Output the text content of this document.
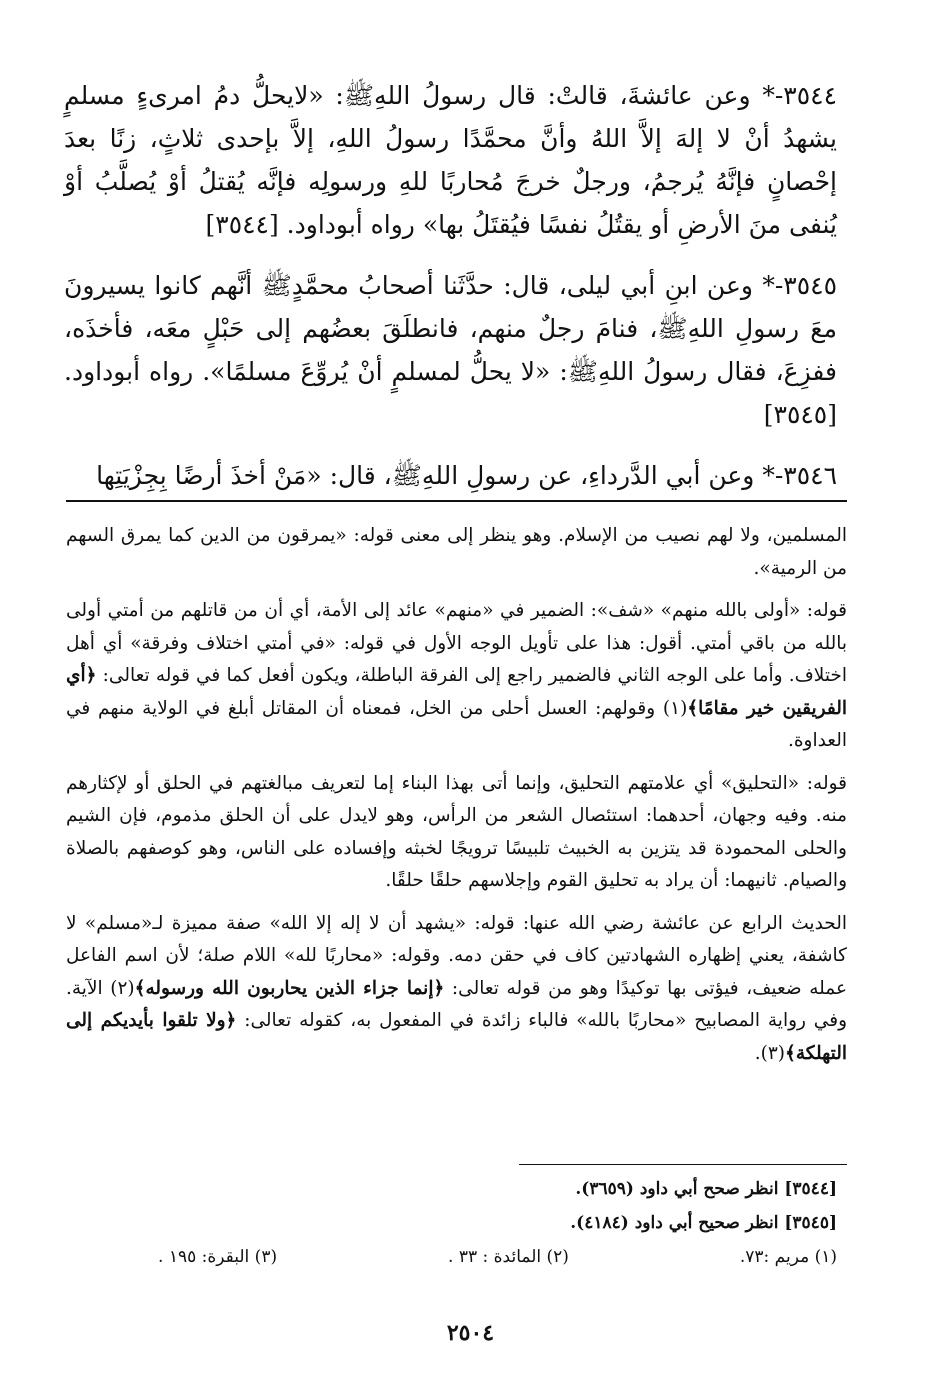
٣٥٤٤-* وعن عائشةَ، قالتْ: قال رسولُ اللهِﷺ: «لايحلُّ دمُ امرىءٍ مسلمٍ يشهدُ أنْ لا إلهَ إلاَّ اللهُ وأنَّ محمَّدًا رسولُ اللهِ، إلاَّ بإحدى ثلاثٍ، زنًا بعدَ إحْصانٍ فإنَّهُ يُرجمُ، ورجلٌ خرجَ مُحاربًا للهِ ورسولِه فإنَّه يُقتلُ أوْ يُصلَّبُ أوْ يُنفى منَ الأرضِ أو يقتُلُ نفسًا فيُقتَلُ بها» رواه أبوداود. [٣٥٤٤]

٣٥٤٥-* وعن ابنِ أبي ليلى، قال: حدَّثَنا أصحابُ محمَّدٍﷺ أنَّهم كانوا يسيرونَ معَ رسولِ اللهِﷺ، فنامَ رجلٌ منهم، فانطلَقَ بعضُهم إلى حَبْلٍ معَه، فأخذَه، ففزِعَ، فقال رسولُ اللهِﷺ: «لا يحلُّ لمسلمٍ أنْ يُروِّعَ مسلمًا». رواه أبوداود. [٣٥٤٥]

٣٥٤٦-* وعن أبي الدَّرداءِ، عن رسولِ اللهِﷺ، قال: «مَنْ أخذَ أرضًا بِجِزْيَتِها

المسلمين، ولا لهم نصيب من الإسلام. وهو ينظر إلى معنى قوله: «يمرقون من الدين كما يمرق السهم من الرمية».

قوله: «أولى بالله منهم» «شف»: الضمير في «منهم» عائد إلى الأمة، أي أن من قاتلهم من أمتي أولى بالله من باقي أمتي. أقول: هذا على تأويل الوجه الأول في قوله: «في أمتي اختلاف وفرقة» أي أهل اختلاف. وأما على الوجه الثاني فالضمير راجع إلى الفرقة الباطلة، ويكون أفعل كما في قوله تعالى: ﴿أي الفريقين خير مقامًا﴾(١) وقولهم: العسل أحلى من الخل، فمعناه أن المقاتل أبلغ في الولاية منهم في العداوة.

قوله: «التحليق» أي علامتهم التحليق، وإنما أتى بهذا البناء إما لتعريف مبالغتهم في الحلق أو لإكثارهم منه. وفيه وجهان، أحدهما: استئصال الشعر من الرأس، وهو لايدل على أن الحلق مذموم، فإن الشيم والحلى المحمودة قد يتزين به الخبيث تلبيسًا ترويجًا لخبثه وإفساده على الناس، وهو كوصفهم بالصلاة والصيام. ثانيهما: أن يراد به تحليق القوم وإجلاسهم حلقًا حلقًا.

الحديث الرابع عن عائشة رضي الله عنها: قوله: «يشهد أن لا إله إلا الله» صفة مميزة لـ«مسلم» لا كاشفة، يعني إظهاره الشهادتين كاف في حقن دمه. وقوله: «محاربًا لله» اللام صلة؛ لأن اسم الفاعل عمله ضعيف، فيؤتى بها توكيدًا وهو من قوله تعالى: ﴿إنما جزاء الذين يحاربون الله ورسوله﴾(٢) الآية. وفي رواية المصابيح «محاربًا بالله» فالباء زائدة في المفعول به، كقوله تعالى: ﴿ولا تلقوا بأيديكم إلى التهلكة﴾(٣).

[٣٥٤٤] انظر صحح أبي داود (٣٦٥٩).

[٣٥٤٥] انظر صحيح أبي داود (٤١٨٤).

(١) مريم :٧٣.
(٢) المائدة : ٣٣ .
(٣) البقرة: ١٩٥ .
٢٥٠٤
